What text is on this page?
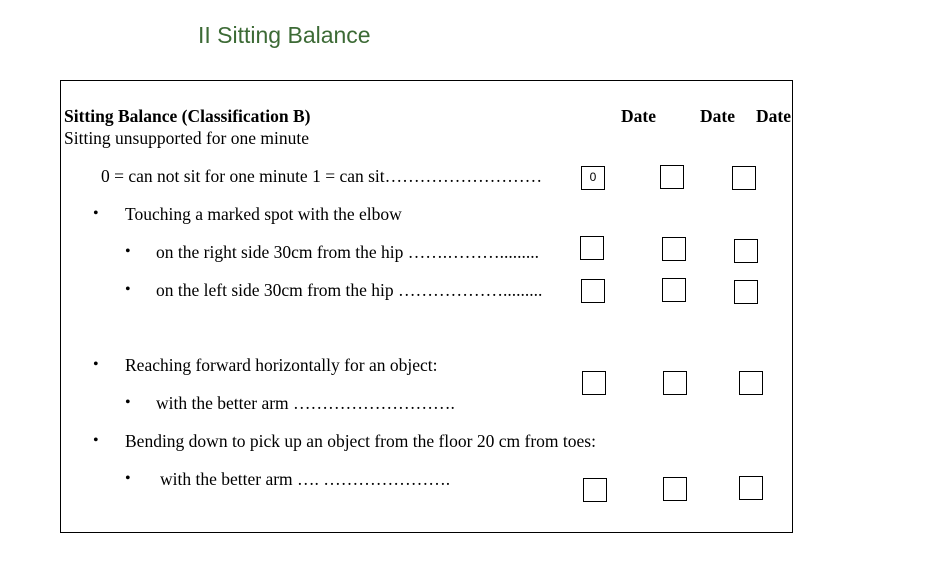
II Sitting Balance
Sitting Balance (Classification B)
Sitting unsupported for one minute
Date	Date Date
0 = can not sit for one minute 1 = can sit………………………	0
• Touching a marked spot with the elbow
• on the right side 30cm from the hip …….……….........
• on the left side 30cm from the hip ……………….........
• Reaching forward horizontally for an object:
• with the better arm ……………………….
• Bending down to pick up an object from the floor 20 cm from toes:
• with the better arm …. ………………….
